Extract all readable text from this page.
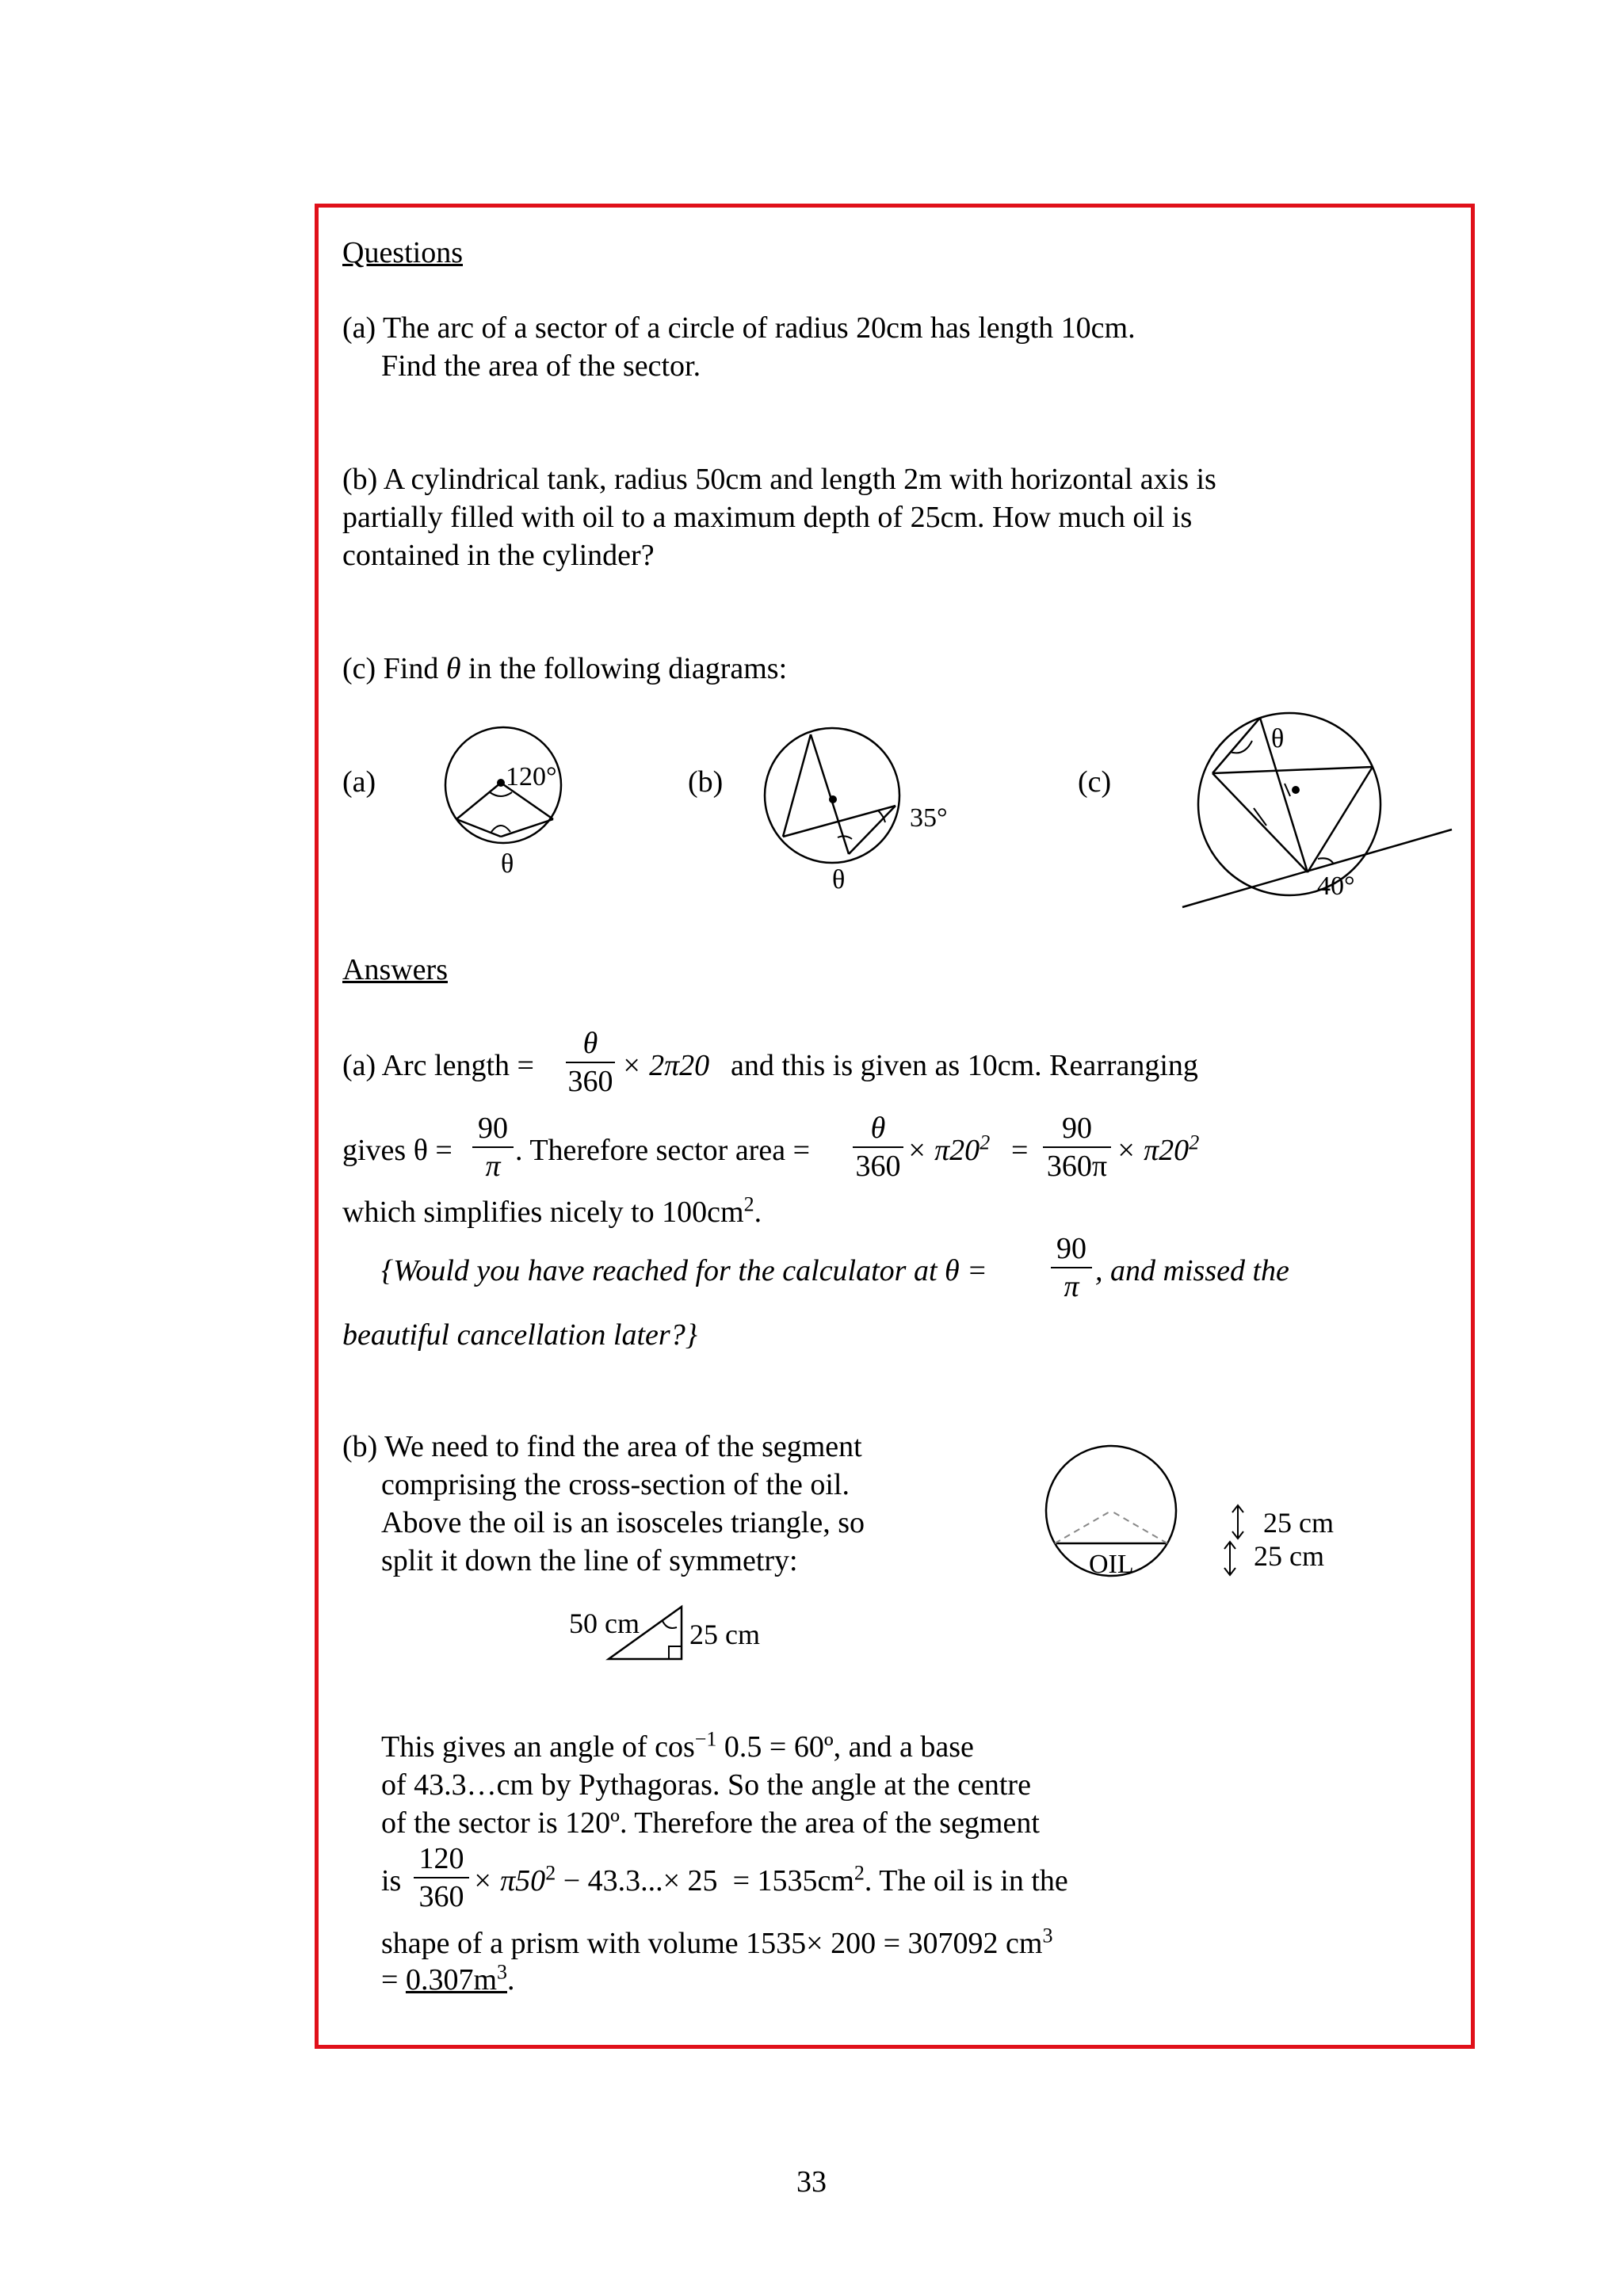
Questions
(a) The arc of a sector of a circle of radius 20cm has length 10cm.
Find the area of the sector.
(b) A cylindrical tank, radius 50cm and length 2m with horizontal axis is
partially filled with oil to a maximum depth of 25cm. How much oil is
contained in the cylinder?
(c) Find θ in the following diagrams:
(a)	(b)	(c)
120°
θ
35°
θ
θ
40°
Answers
(a) Arc length =
θ
360 × 2π20 and this is given as 10cm. Rearranging
gives θ =
90
π . Therefore sector area =
θ
$360 \times \pi 20^2$ =
90
$360\pi \times \pi 20^2$
which simplifies nicely to $100cm^2$.
{Would you have reached for the calculator at θ =
90
π , and missed the
beautiful cancellation later?}
(b) We need to find the area of the segment
comprising the cross-section of the oil.
Above the oil is an isosceles triangle, so
split it down the line of symmetry:	OIL
25 cm
25 cm
50 cm 25 cm
This gives an angle of $\cos^{-1} 0.5$ = 60º, and a base
of 43.3…cm by Pythagoras. So the angle at the centre
of the sector is 120º. Therefore the area of the segment
is
120
$360 \times \pi 50^2 - 43.3...\times 25 = 1535cm^2$. The oil is in the
shape of a prism with volume 1535× 200 = 307092 $cm^3$
= $0.307m^3$.
33
